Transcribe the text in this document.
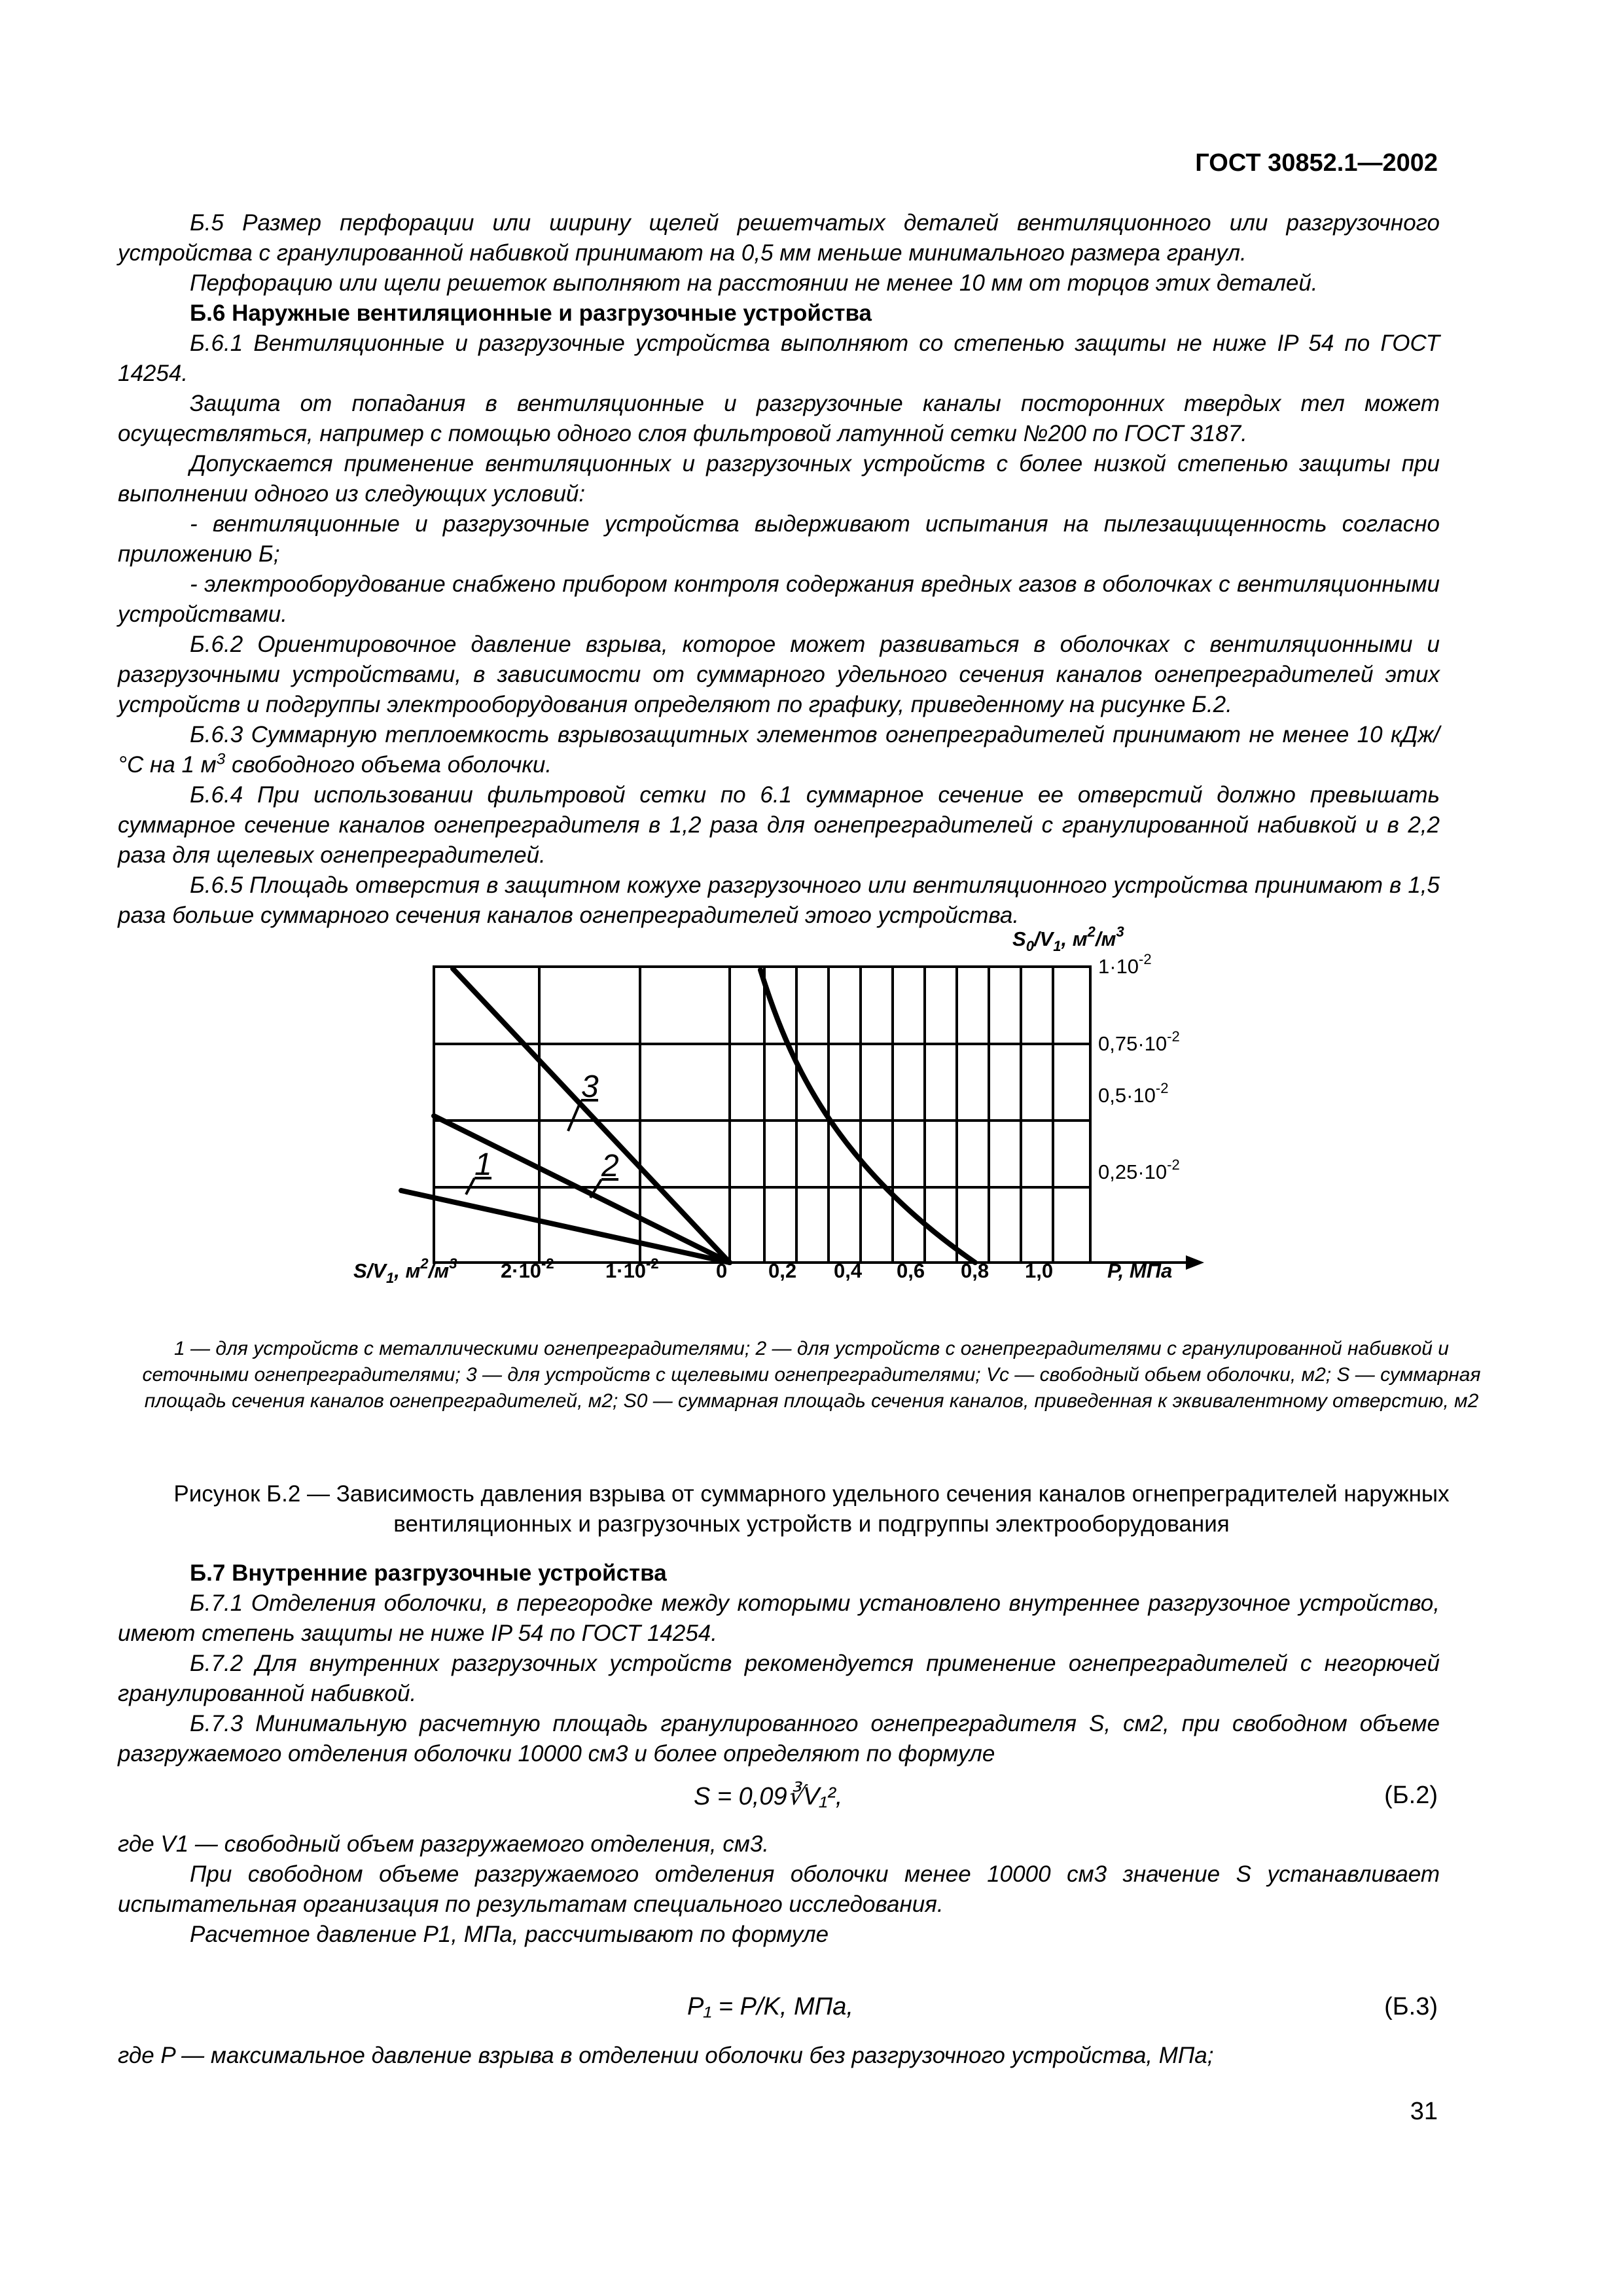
ГОСТ 30852.1—2002

Б.5 Размер перфорации или ширину щелей решетчатых деталей вентиляционного или разгрузочного устройства с гранулированной набивкой принимают на 0,5 мм меньше минимального размера гранул.

Перфорацию или щели решеток выполняют на расстоянии не менее 10 мм от торцов этих деталей.

Б.6 Наружные вентиляционные и разгрузочные устройства

Б.6.1 Вентиляционные и разгрузочные устройства выполняют со степенью защиты не ниже IP 54 по ГОСТ 14254.

Защита от попадания в вентиляционные и разгрузочные каналы посторонних твердых тел может осуществляться, например с помощью одного слоя фильтровой латунной сетки №200 по ГОСТ 3187.

Допускается применение вентиляционных и разгрузочных устройств с более низкой степенью защиты при выполнении одного из следующих условий:

- вентиляционные и разгрузочные устройства выдерживают испытания на пылезащищенность согласно приложению Б;

- электрооборудование снабжено прибором контроля содержания вредных газов в оболочках с вентиляционными устройствами.

Б.6.2 Ориентировочное давление взрыва, которое может развиваться в оболочках с вентиляционными и разгрузочными устройствами, в зависимости от суммарного удельного сечения каналов огнепреградителей этих устройств и подгруппы электрооборудования определяют по графику, приведенному на рисунке Б.2.

Б.6.3 Суммарную теплоемкость взрывозащитных элементов огнепреградителей принимают не менее 10 кДж/°С на 1 $м^3$ свободного объема оболочки.

Б.6.4 При использовании фильтровой сетки по 6.1 суммарное сечение ее отверстий должно превышать суммарное сечение каналов огнепреградителя в 1,2 раза для огнепреградителей с гранулированной набивкой и в 2,2 раза для щелевых огнепреградителей.

Б.6.5 Площадь отверстия в защитном кожухе разгрузочного или вентиляционного устройства принимают в 1,5 раза больше суммарного сечения каналов огнепреградителей этого устройства.

3
1	2
$S_0/V_1$, $м^2/м^3$
$1\cdot 10^{-2}$
$0,75\cdot 10^{-2}$
$0,5\cdot 10^{-2}$
$0,25\cdot 10^{-2}$
$S/V_1$, $м^2/м^3$ $2\cdot 10^{-2}$	$1\cdot 10^{-2}$	0 0,2 0,4 0,6 0,8 1,0	P, МПа
1 — для устройств с металлическими огнепреградителями; 2 — для устройств с огнепреградителями с гранулированной набивкой и сеточными огнепреградителями; 3 — для устройств с щелевыми огнепреградителями; Vc — свободный обьем оболочки, м2; S — суммарная площадь сечения каналов огнепреградителей, м2; S0 — суммарная площадь сечения каналов, приведенная к эквивалентному отверстию, м2
Рисунок Б.2 — Зависимость давления взрыва от суммарного удельного сечения каналов огнепреградителей наружных вентиляционных и разгрузочных устройств и подгруппы электрооборудования
Б.7 Внутренние разгрузочные устройства

Б.7.1 Отделения оболочки, в перегородке между которыми установлено внутреннее разгрузочное устройство, имеют степень защиты не ниже IP 54 по ГОСТ 14254.

Б.7.2 Для внутренних разгрузочных устройств рекомендуется применение огнепреградителей с негорючей гранулированной набивкой.

Б.7.3 Минимальную расчетную площадь гранулированного огнепреградителя S, см2, при свободном объеме разгружаемого отделения оболочки 10000 см3 и более определяют по формуле

S = 0,09∛V₁²,	(Б.2)

где V1 — свободный объем разгружаемого отделения, см3.

При свободном объеме разгружаемого отделения оболочки менее 10000 см3 значение S устанавливает испытательная организация по результатам специального исследования.

Расчетное давление P1, МПа, рассчитывают по формуле

P₁ = P/K, МПа,	(Б.3)

где P — максимальное давление взрыва в отделении оболочки без разгрузочного устройства, МПа;

31
